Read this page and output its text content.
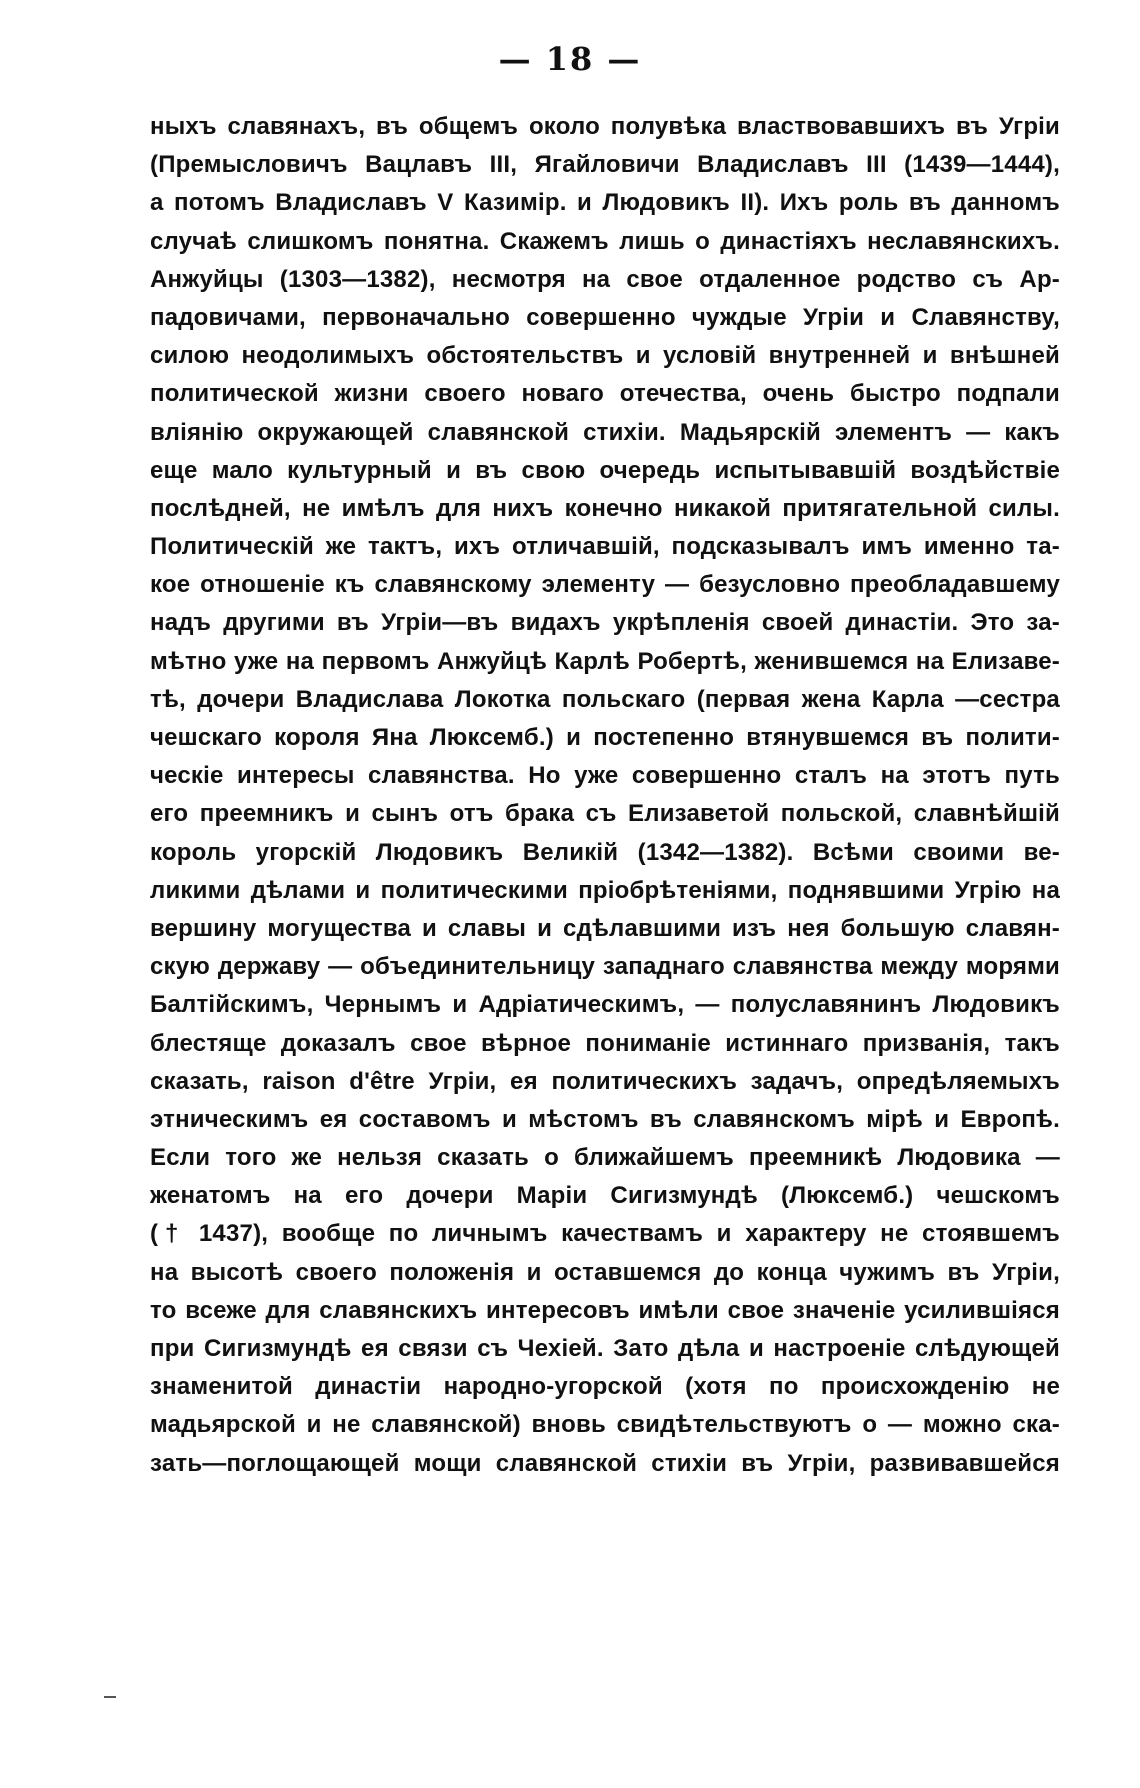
— 18 —
ныхъ славянахъ, въ общемъ около полувѣка властвовавшихъ въ Угріи
(Премысловичъ Вацлавъ III, Ягайловичи Владиславъ III (1439—1444),
а потомъ Владиславъ V Казимір. и Людовикъ II). Ихъ роль въ данномъ
случаѣ слишкомъ понятна. Скажемъ лишь о династіяхъ неславянскихъ.
Анжуйцы (1303—1382), несмотря на свое отдаленное родство съ Ар-
падовичами, первоначально совершенно чуждые Угріи и Славянству,
силою неодолимыхъ обстоятельствъ и условій внутренней и внѣшней
политической жизни своего новаго отечества, очень быстро подпали
вліянію окружающей славянской стихіи. Мадьярскій элементъ — какъ
еще мало культурный и въ свою очередь испытывавшій воздѣйствіе
послѣдней, не имѣлъ для нихъ конечно никакой притягательной силы.
Политическій же тактъ, ихъ отличавшій, подсказывалъ имъ именно та-
кое отношеніе къ славянскому элементу — безусловно преобладавшему
надъ другими въ Угріи—въ видахъ укрѣпленія своей династіи. Это за-
мѣтно уже на первомъ Анжуйцѣ Карлѣ Робертѣ, женившемся на Елизаве-
тѣ, дочери Владислава Локотка польскаго (первая жена Карла —сестра
чешскаго короля Яна Люксемб.) и постепенно втянувшемся въ полити-
ческіе интересы славянства. Но уже совершенно сталъ на этотъ путь
его преемникъ и сынъ отъ брака съ Елизаветой польской, славнѣйшій
король угорскій Людовикъ Великій (1342—1382). Всѣми своими ве-
ликими дѣлами и политическими пріобрѣтеніями, поднявшими Угрію на
вершину могущества и славы и сдѣлавшими изъ нея большую славян-
скую державу — объединительницу западнаго славянства между морями
Балтійскимъ, Чернымъ и Адріатическимъ, — полуславянинъ Людовикъ
блестяще доказалъ свое вѣрное пониманіе истиннаго призванія, такъ
сказать, raison d'être Угріи, ея политическихъ задачъ, опредѣляемыхъ
этническимъ ея составомъ и мѣстомъ въ славянскомъ мірѣ и Европѣ.
Если того же нельзя сказать о ближайшемъ преемникѣ Людовика —
женатомъ на его дочери Маріи Сигизмундѣ (Люксемб.) чешскомъ
(† 1437), вообще по личнымъ качествамъ и характеру не стоявшемъ
на высотѣ своего положенія и оставшемся до конца чужимъ въ Угріи,
то всеже для славянскихъ интересовъ имѣли свое значеніе усилившіяся
при Сигизмундѣ ея связи съ Чехіей. Зато дѣла и настроеніе слѣдующей
знаменитой династіи народно-угорской (хотя по происхожденію не
мадьярской и не славянской) вновь свидѣтельствуютъ о — можно ска-
зать—поглощающей мощи славянской стихіи въ Угріи, развивавшейся
